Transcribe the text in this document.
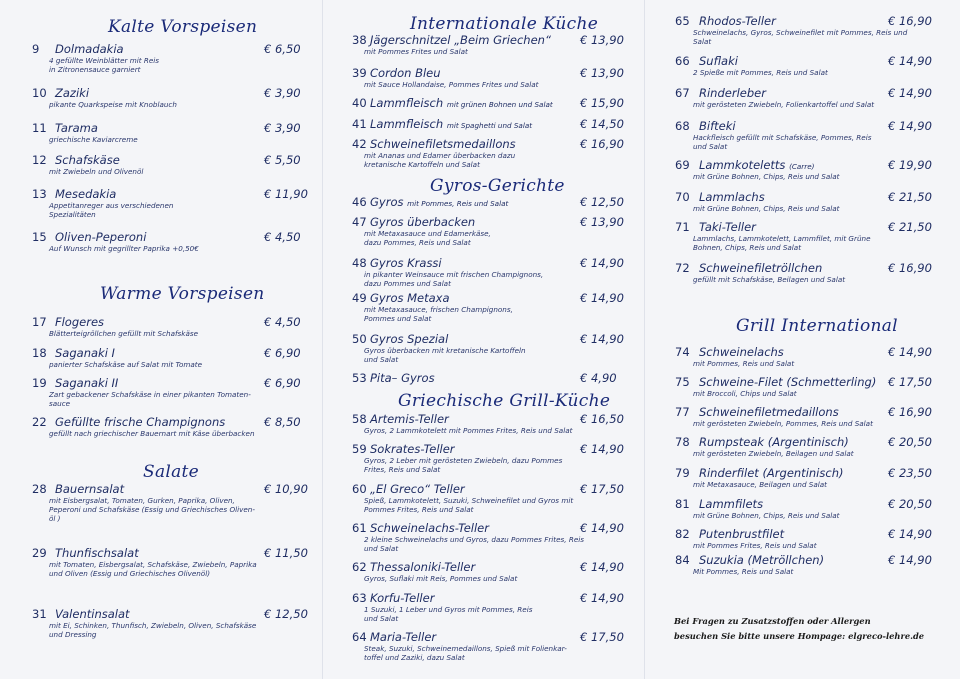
Kalte Vorspeisen
Warme Vorspeisen
Salate
9 Dolmadakia	€ 6,50
4 gefüllte Weinblätter mit Reis
in Zitronensauce garniert
10 Zaziki	€ 3,90
pikante Quarkspeise mit Knoblauch
11 Tarama	€ 3,90
griechische Kaviarcreme
12 Schafskäse	€ 5,50
mit Zwiebeln und Olivenöl
13 Mesedakia	€ 11,90
Appetitanreger aus verschiedenen
Spezialitäten
15 Oliven-Peperoni	€ 4,50
Auf Wunsch mit gegrillter Paprika +0,50€
17 Flogeres	€ 4,50
Blätterteigröllchen gefüllt mit Schafskäse
18 Saganaki I	€ 6,90
panierter Schafskäse auf Salat mit Tomate
19 Saganaki II	€ 6,90
Zart gebackener Schafskäse in einer pikanten Tomaten-
sauce
22 Gefüllte frische Champignons	€ 8,50
gefüllt nach griechischer Bauernart mit Käse überbacken
28 Bauernsalat	€ 10,90
mit Eisbergsalat, Tomaten, Gurken, Paprika, Oliven,
Peperoni und Schafskäse (Essig und Griechisches Oliven-
öl )
29 Thunfischsalat	€ 11,50
mit Tomaten, Eisbergsalat, Schafskäse, Zwiebeln, Paprika
und Oliven (Essig und Griechisches Olivenöl)
31 Valentinsalat	€ 12,50
mit Ei, Schinken, Thunfisch, Zwiebeln, Oliven, Schafskäse
und Dressing
Internationale Küche
Gyros-Gerichte
Griechische Grill-Küche
38 Jägerschnitzel „Beim Griechen“	€ 13,90
mit Pommes Frites und Salat
39 Cordon Bleu	€ 13,90
mit Sauce Hollandaise, Pommes Frites und Salat
40 Lammfleisch mit grünen Bohnen und Salat € 15,90
41 Lammfleisch mit Spaghetti und Salat	€ 14,50
42 Schweinefiletsmedaillons	€ 16,90
mit Ananas und Edamer überbacken dazu
kretanische Kartoffeln und Salat
46 Gyros mit Pommes, Reis und Salat	€ 12,50
47 Gyros überbacken	€ 13,90
mit Metaxasauce und Edamerkäse,
dazu Pommes, Reis und Salat
48 Gyros Krassi	€ 14,90
in pikanter Weinsauce mit frischen Champignons,
dazu Pommes und Salat
49 Gyros Metaxa	€ 14,90
mit Metaxasauce, frischen Champignons,
Pommes und Salat
50 Gyros Spezial	€ 14,90
Gyros überbacken mit kretanische Kartoffeln
und Salat
53 Pita– Gyros	€ 4,90
58 Artemis-Teller	€ 16,50
Gyros, 2 Lammkotelett mit Pommes Frites, Reis und Salat
59 Sokrates-Teller	€ 14,90
Gyros, 2 Leber mit gerösteten Zwiebeln, dazu Pommes
Frites, Reis und Salat
60 „El Greco“ Teller	€ 17,50
Spieß, Lammkotelett, Suzuki, Schweinefilet und Gyros mit
Pommes Frites, Reis und Salat
61 Schweinelachs-Teller	€ 14,90
2 kleine Schweinelachs und Gyros, dazu Pommes Frites, Reis
und Salat
62 Thessaloniki-Teller	€ 14,90
Gyros, Suflaki mit Reis, Pommes und Salat
63 Korfu-Teller	€ 14,90
1 Suzuki, 1 Leber und Gyros mit Pommes, Reis
und Salat
64 Maria-Teller	€ 17,50
Steak, Suzuki, Schweinemedaillons, Spieß mit Folienkar-
toffel und Zaziki, dazu Salat
Bei Fragen zu Zusatzstoffen oder Allergen
besuchen Sie bitte unsere Hompage: elgreco-lehre.de
Grill International
65 Rhodos-Teller	€ 16,90
Schweinelachs, Gyros, Schweinefilet mit Pommes, Reis und
Salat
66 Suflaki	€ 14,90
2 Spieße mit Pommes, Reis und Salat
67 Rinderleber	€ 14,90
mit gerösteten Zwiebeln, Folienkartoffel und Salat
68 Bifteki	€ 14,90
Hackfleisch gefüllt mit Schafskäse, Pommes, Reis
und Salat
69 Lammkoteletts (Carre)	€ 19,90
mit Grüne Bohnen, Chips, Reis und Salat
70 Lammlachs	€ 21,50
mit Grüne Bohnen, Chips, Reis und Salat
71 Taki-Teller	€ 21,50
Lammlachs, Lammkotelett, Lammfilet, mit Grüne
Bohnen, Chips, Reis und Salat
72 Schweinefiletröllchen	€ 16,90
gefüllt mit Schafskäse, Beilagen und Salat
74 Schweinelachs	€ 14,90
mit Pommes, Reis und Salat
75 Schweine-Filet (Schmetterling) € 17,50
mit Broccoli, Chips und Salat
77 Schweinefiletmedaillons	€ 16,90
mit gerösteten Zwiebeln, Pommes, Reis und Salat
78 Rumpsteak (Argentinisch)	€ 20,50
mit gerösteten Zwiebeln, Beilagen und Salat
79 Rinderfilet (Argentinisch)	€ 23,50
mit Metaxasauce, Beilagen und Salat
81 Lammfilets	€ 20,50
mit Grüne Bohnen, Chips, Reis und Salat
82 Putenbrustfilet	€ 14,90
mit Pommes Frites, Reis und Salat
84 Suzukia (Metröllchen)	€ 14,90
Mit Pommes, Reis und Salat
